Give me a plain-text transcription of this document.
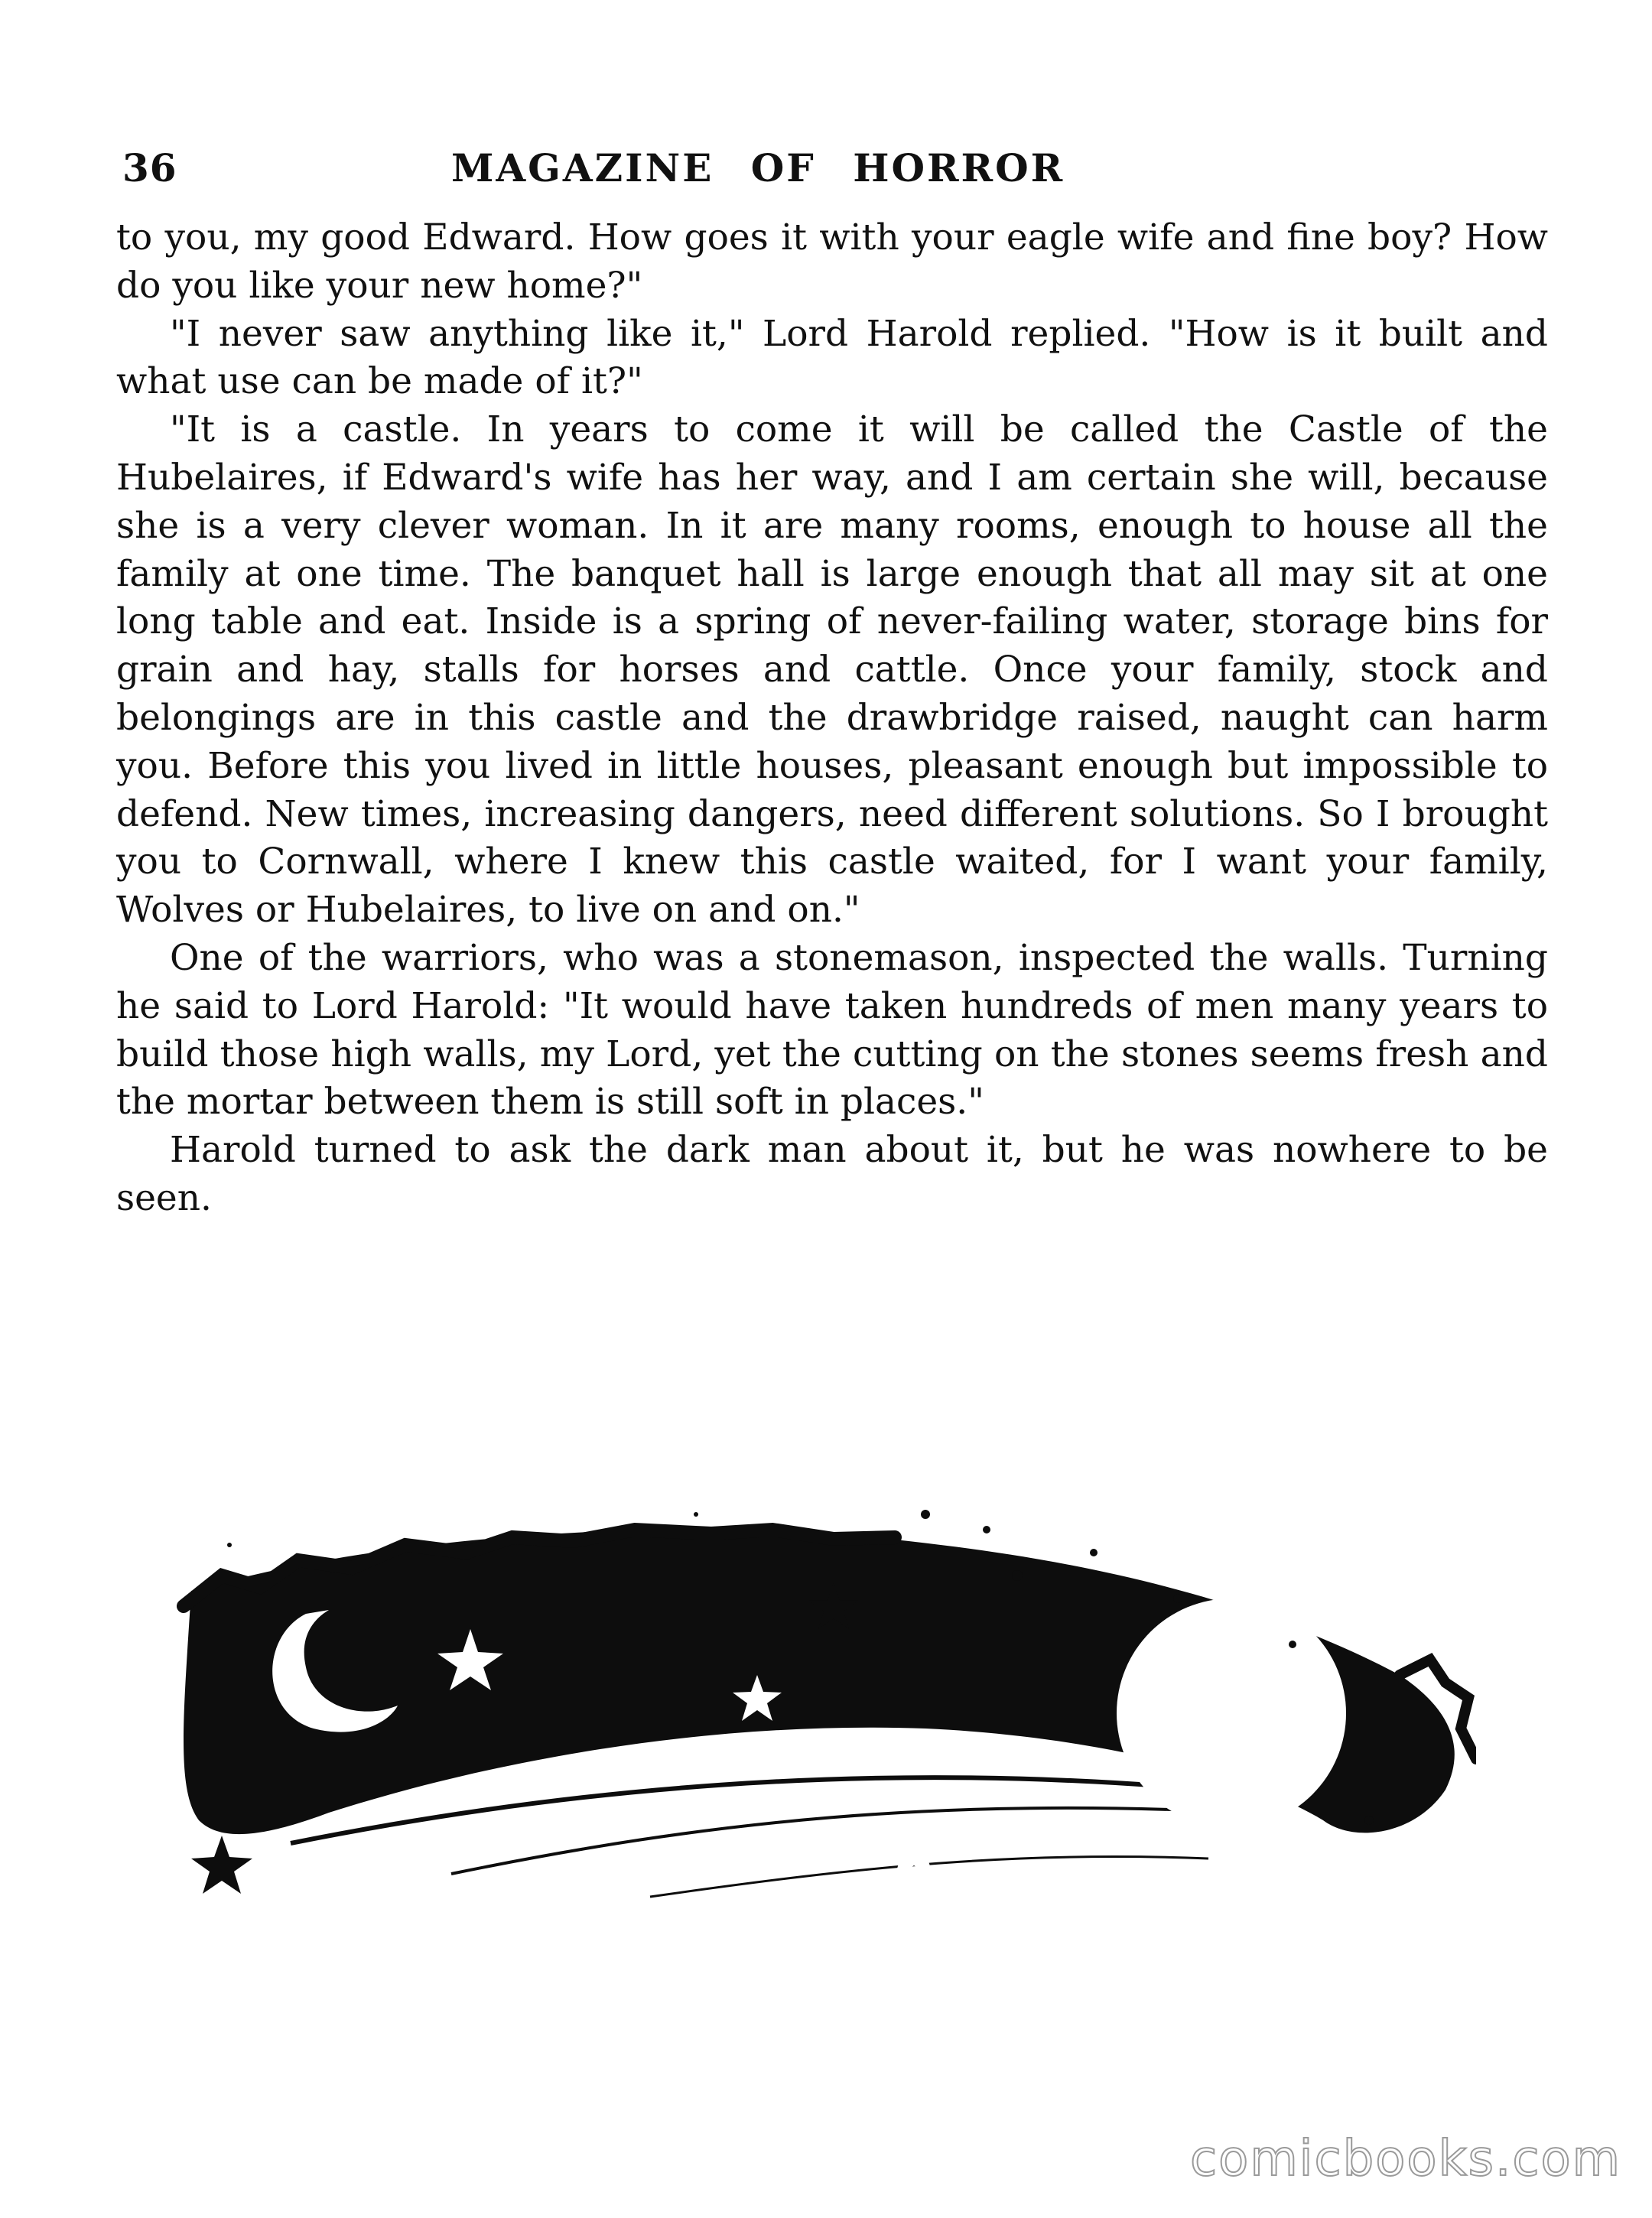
36	MAGAZINE OF HORROR

to you, my good Edward. How goes it with your eagle wife and fine boy? How do you like your new home?"

"I never saw anything like it," Lord Harold replied. "How is it built and what use can be made of it?"

"It is a castle. In years to come it will be called the Castle of the Hubelaires, if Edward's wife has her way, and I am certain she will, because she is a very clever woman. In it are many rooms, enough to house all the family at one time. The banquet hall is large enough that all may sit at one long table and eat. Inside is a spring of never-failing water, storage bins for grain and hay, stalls for horses and cattle. Once your family, stock and belongings are in this castle and the drawbridge raised, naught can harm you. Before this you lived in little houses, pleasant enough but impossible to defend. New times, increasing dangers, need different solutions. So I brought you to Cornwall, where I knew this castle waited, for I want your family, Wolves or Hubelaires, to live on and on."

One of the warriors, who was a stonemason, inspected the walls. Turning he said to Lord Harold: "It would have taken hundreds of men many years to build those high walls, my Lord, yet the cutting on the stones seems fresh and the mortar between them is still soft in places."

Harold turned to ask the dark man about it, but he was nowhere to be seen.

comicbooks.com
